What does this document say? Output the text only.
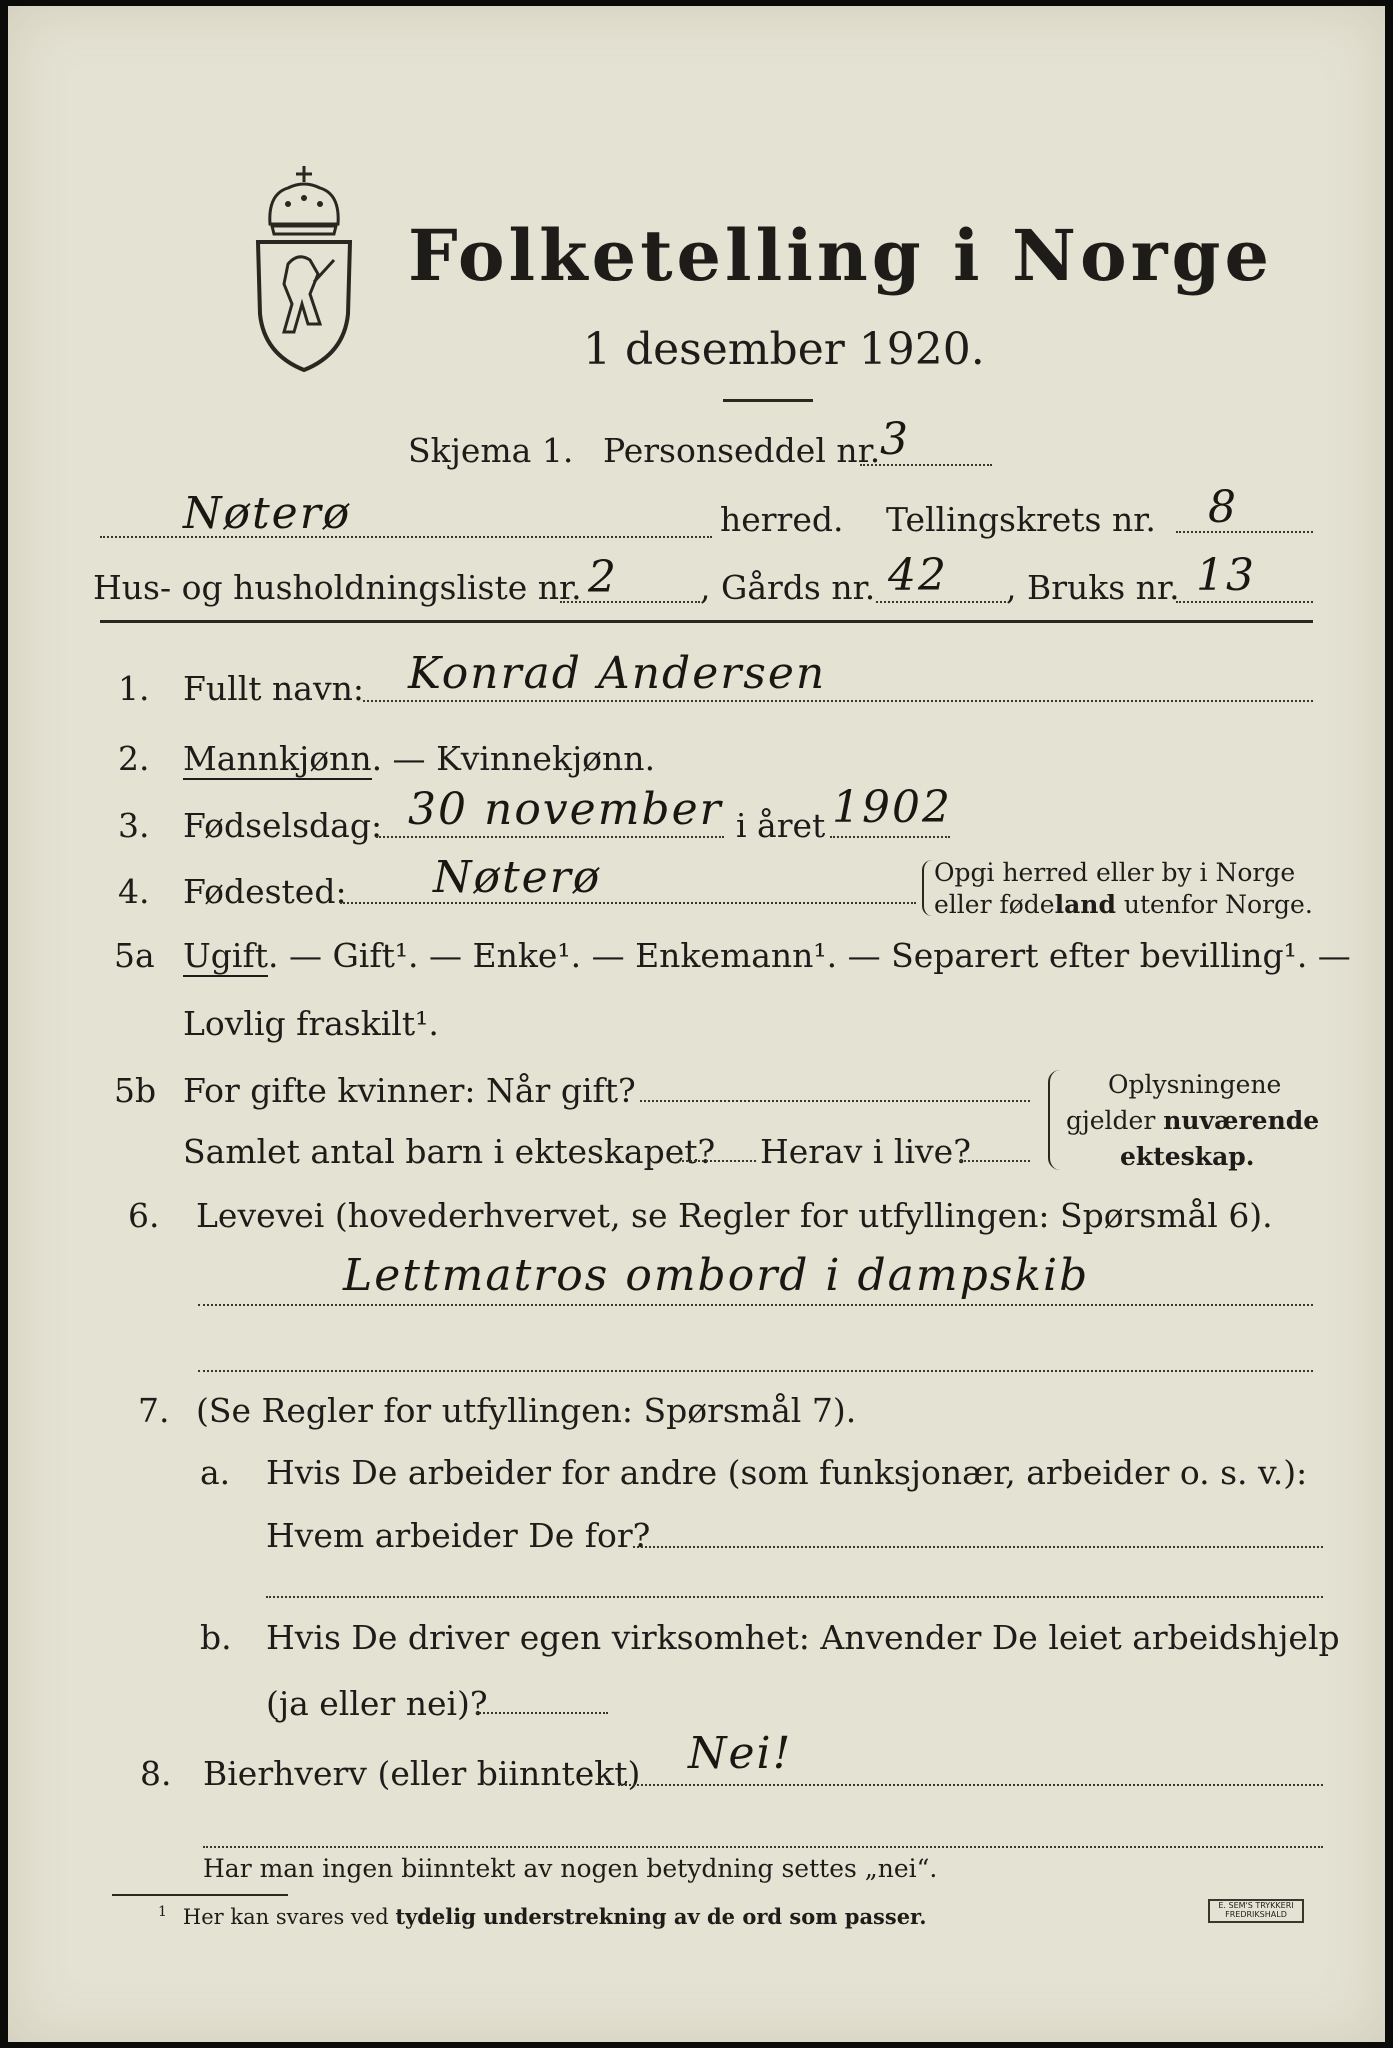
Folketelling i Norge
1 desember 1920.
Skjema 1. Personseddel nr. 3
Nøterø	herred. Tellingskrets nr. 8
Hus- og husholdningsliste nr. 2 , Gårds nr. 42 , Bruks nr. 13
1. Fullt navn: Konrad Andersen
2. Mannkjønn. — Kvinnekjønn.
3. Fødselsdag: 30 november i året 1902
4. Fødested: Nøterø	Opgi herred eller by i Norge
eller fødeland utenfor Norge.
5a Ugift. — Gift¹. — Enke¹. — Enkemann¹. — Separert efter bevilling¹. —
Lovlig fraskilt¹.
5b For gifte kvinner: Når gift?
Samlet antal barn i ekteskapet? Herav i live?
Oplysningene
gjelder nuværende
ekteskap.
6. Levevei (hovederhvervet, se Regler for utfyllingen: Spørsmål 6).
Lettmatros ombord i dampskib
7. (Se Regler for utfyllingen: Spørsmål 7).
a. Hvis De arbeider for andre (som funksjonær, arbeider o. s. v.):
Hvem arbeider De for?
b. Hvis De driver egen virksomhet: Anvender De leiet arbeidshjelp
(ja eller nei)?
8. Bierhverv (eller biinntekt) Nei!
Har man ingen biinntekt av nogen betydning settes „nei“.
$^1$ Her kan svares ved tydelig understrekning av de ord som passer.	E. SEM'S TRYKKERI FREDRIKSHALD
